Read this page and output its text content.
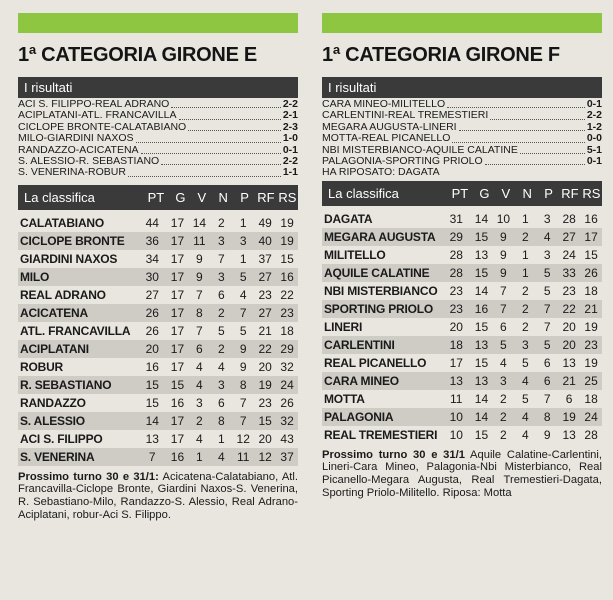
1ª CATEGORIA GIRONE E
I risultati
ACI S. FILIPPO-REAL ADRANO	2-2
ACIPLATANI-ATL. FRANCAVILLA	2-1
CICLOPE BRONTE-CALATABIANO	2-3
MILO-GIARDINI NAXOS	1-0
RANDAZZO-ACICATENA	0-1
S. ALESSIO-R. SEBASTIANO	2-2
S. VENERINA-ROBUR	1-1
La classifica	PT G V N P RF RS
CALATABIANO	44 17 14 2	1 49 19
CICLOPE BRONTE	36 17 11	3	3 40 19
GIARDINI NAXOS	34 17 9	7	1 37 15
MILO	30 17 9	3	5 27 16
REAL ADRANO	27 17 7	6	4 23 22
ACICATENA	26 17 8	2	7 27 23
ATL. FRANCAVILLA	26 17 7	5	5 21 18
ACIPLATANI	20 17 6	2	9 22 29
ROBUR	16 17 4	4	9 20 32
R. SEBASTIANO	15 15 4	3	8 19 24
RANDAZZO	15 16 3	6	7 23 26
S. ALESSIO	14 17 2	8	7 15 32
ACI S. FILIPPO	13 17 4	1 12 20 43
S. VENERINA	7	16 1	4	11 12 37
Prossimo turno 30 e 31/1: Acicatena-Calatabiano, Atl. Francavilla-Ciclope Bronte, Giardini Naxos-S. Venerina, R. Sebastiano-Milo, Randazzo-S. Alessio, Real Adrano-Aciplatani, robur-Aci S. Filippo.
1ª CATEGORIA GIRONE F
I risultati
CARA MINEO-MILITELLO	0-1
CARLENTINI-REAL TREMESTIERI	2-2
MEGARA AUGUSTA-LINERI	1-2
MOTTA-REAL PICANELLO	0-0
NBI MISTERBIANCO-AQUILE CALATINE	5-1
PALAGONIA-SPORTING PRIOLO	0-1
HA RIPOSATO: DAGATA
La classifica	PT G V N P RF RS
DAGATA	31 14 10 1	3 28 16
MEGARA AUGUSTA	29 15 9	2	4 27 17
MILITELLO	28 13 9	1	3 24 15
AQUILE CALATINE	28 15 9	1	5 33 26
NBI MISTERBIANCO	23 14 7	2	5 23 18
SPORTING PRIOLO	23 16 7	2	7 22 21
LINERI	20 15 6	2	7 20 19
CARLENTINI	18 13 5	3	5 20 23
REAL PICANELLO	17 15 4	5	6 13 19
CARA MINEO	13 13 3	4	6 21 25
MOTTA	11	14 2	5	7	6 18
PALAGONIA	10 14 2	4	8 19 24
REAL TREMESTIERI	10 15 2	4	9 13 28
Prossimo turno 30 e 31/1 Aquile Calatine-Carlentini, Lineri-Cara Mineo, Palagonia-Nbi Misterbianco, Real Picanello-Megara Augusta, Real Tremestieri-Dagata, Sporting Priolo-Militello. Riposa: Motta
